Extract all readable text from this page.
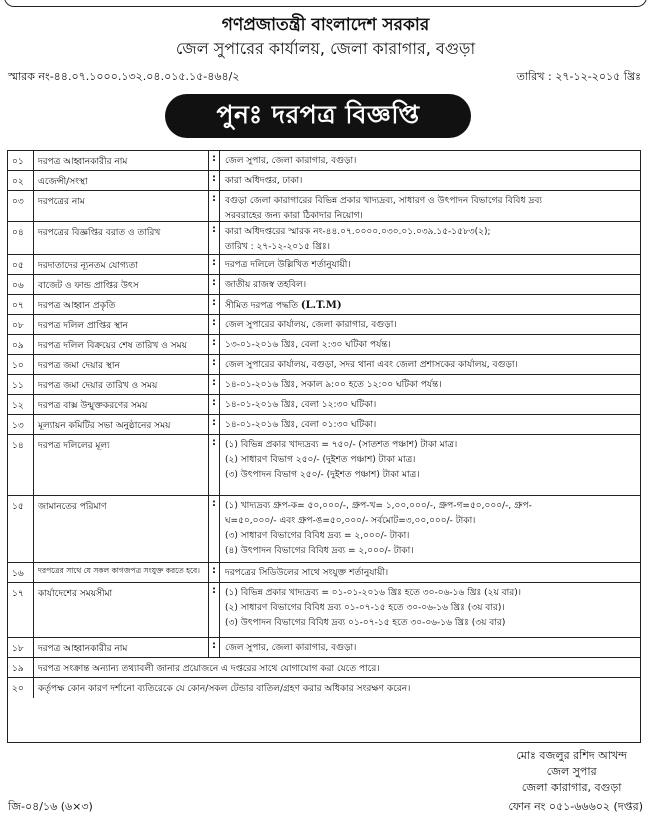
গণপ্রজাতন্ত্রী বাংলাদেশ সরকার
জেল সুপারের কার্যালয়, জেলা কারাগার, বগুড়া
স্মারক নং-৪৪.০৭.১০০০.১৩২.০৪.০১৫.১৫-৪৬৪/২	তারিখ : ২৭-১২-২০১৫ খ্রিঃ
পুনঃ দরপত্র বিজ্ঞপ্তি
০১	দরপত্র আহ্বানকারীর নাম	:	জেল সুপার, জেলা কারাগার, বগুড়া।
০২	এজেন্সী/সংস্থা	:	কারা অধিদপ্তর, ঢাকা।
০৩	দরপত্রের নাম	:	বগুড়া জেলা কারাগারের বিভিন্ন প্রকার খাদ্যদ্রব্য, সাধারণ ও উৎপাদন বিভাগের বিবিধ দ্রব্য
সরবরাহের জন্য কারা ঠিকাদার নিয়োগ।
০৪	দরপত্রের বিজ্ঞপ্তির বরাত ও তারিখ	:	কারা অধিদপ্তরের স্মারক নং-৪৪.০৭.০০০০.০৩০.০১.০৩৯.১৫-১৫৮৩(২);
তারিখ : ২৭-১২-২০১৫ খ্রিঃ।
০৫	দরদাতাদের ন্যূনতম যোগ্যতা	:	দরপত্র দলিলে উল্লিখিত শর্তানুযায়ী।
০৬	বাজেট ও ফান্ড প্রাপ্তির উৎস	:	জাতীয় রাজস্ব তহবিল।
০৭	দরপত্র আহ্বান প্রকৃতি	:	সীমিত দরপত্র পদ্ধতি (L.T.M)
০৮	দরপত্র দলিল প্রাপ্তির স্থান	:	জেল সুপারের কার্যালয়, জেলা কারাগার, বগুড়া।
০৯	দরপত্র দলিল বিক্রয়ের শেষ তারিখ ও সময়	:	১৩-০১-২০১৬ খ্রিঃ, বেলা ২:৩০ ঘটিকা পর্যন্ত।
১০	দরপত্র জমা দেয়ার স্থান	:	জেল সুপারের কার্যালয়, বগুড়া, সদর থানা এবং জেলা প্রশাসকের কার্যালয়, বগুড়া।
১১	দরপত্র জমা দেয়ার তারিখ ও সময়	:	১৪-০১-২০১৬ খ্রিঃ, সকাল ৯:০০ হতে ১২:০০ ঘটিকা পর্যন্ত।
১২	দরপত্র বাক্স উন্মুক্তকরণের সময়	:	১৪-০১-২০১৬ খ্রিঃ, বেলা ১২:৩০ ঘটিকা।
১৩	মূল্যায়ন কমিটির সভা অনুষ্ঠানের সময়	:	১৪-০১-২০১৬ খ্রিঃ, বেলা ০১:৩০ ঘটিকা।
১৪	দরপত্র দলিলের মূল্য	:	(১) বিভিন্ন প্রকার খাদ্যদ্রব্য = ৭৫০/- (সাতশত পঞ্চাশ) টাকা মাত্র।
(২) সাধারণ বিভাগ ২৫০/- (দুইশত পঞ্চাশ) টাকা মাত্র।
(৩) উৎপাদন বিভাগ ২৫০/- (দুইশত পঞ্চাশ) টাকা মাত্র।
১৫	জামানতের পরিমাণ	:	(১) খাদ্যদ্রব্য গ্রুপ-ক= ৫০,০০০/-, গ্রুপ-খ= ১,০০,০০০/-, গ্রুপ-গ=৫০,০০০/-, গ্রুপ-
ঘ=৫০,০০০/- এবং গ্রুপ-ঙ=৫০,০০০/- সর্বমোট=৩,০০,০০০/- টাকা।
(৩) সাধারণ বিভাগের বিবিধ দ্রব্য = ২,০০০/- টাকা।
(৪) উৎপাদন বিভাগের বিবিধ দ্রব্য = ২,০০০/- টাকা।
১৬	দরপত্রের সাথে যে সকল কাগজপত্র সংযুক্ত করতে হবে।	:	দরপত্রের সিডিউলের সাথে সংযুক্ত শর্তানুযায়ী।
১৭	কার্যাদেশের সময়সীমা	:	(১) বিভিন্ন প্রকার খাদ্যদ্রব্য = ০১-০১-২০১৬ খ্রিঃ হতে ৩০-০৬-১৬ খ্রিঃ (২য় বার)।
(২) সাধারণ বিভাগের বিবিধ দ্রব্য ০১-০৭-১৫ হতে ৩০-০৬-১৬ খ্রিঃ (৩য় বার)।
(৩) উৎপাদন বিভাগের বিবিধ দ্রব্য ০১-০৭-১৫ হতে ৩০-০৬-১৬ খ্রিঃ (৩য় বার)
১৮	দরপত্র আহ্বানকারীর নাম	:	জেল সুপার, জেলা কারাগার, বগুড়া।
১৯	দরপত্র সংক্রান্ত অন্যান্য তথ্যাবলী জানার প্রয়োজনে এ দপ্তরের সাথে যোগাযোগ করা যেতে পারে।
২০	কর্তৃপক্ষ কোন কারণ দর্শানো ব্যতিরেকে যে কোন/সকল টেন্ডার বাতিল/গ্রহণ করার অধিকার সংরক্ষণ করেন।
মোঃ বজলুর রশিদ আখন্দ
জেল সুপার
জেলা কারাগার, বগুড়া
জি-০৪/১৬ (৬×৩)	ফোন নং ০৫১-৬৬৬০২ (দপ্তর)
